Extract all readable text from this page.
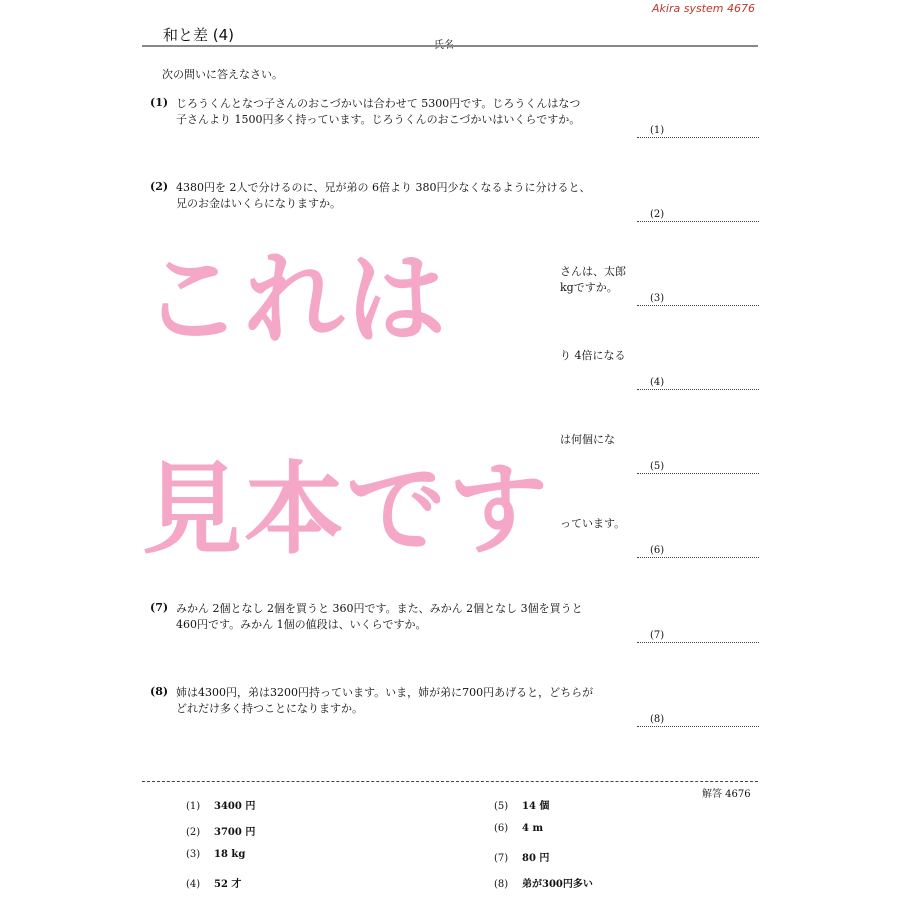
Akira system 4676
和と差 (4)
氏名
次の問いに答えなさい。
(1) じろうくんとなつ子さんのおこづかいは合わせて 5300円です。じろうくんはなつ
子さんより 1500円多く持っています。じろうくんのおこづかいはいくらですか。
(1)
(2) 4380円を 2人で分けるのに、兄が弟の 6倍より 380円少なくなるように分けると、
兄のお金はいくらになりますか。
(2)
さんは、太郎
kgですか。
(3)
り 4倍になる
(4)
は何個にな
(5)
っています。
(6)
(7) みかん 2個となし 2個を買うと 360円です。また、みかん 2個となし 3個を買うと
460円です。みかん 1個の値段は、いくらですか。
(7)
(8) 姉は4300円，弟は3200円持っています。いま，姉が弟に700円あげると，どちらが
どれだけ多く持つことになりますか。
(8)
解答 4676
(1) 3400 円
(2) 3700 円
(3) 18 kg
(4) 52 才
(5) 14 個
(6) 4 m
(7) 80 円
(8) 弟が300円多い
これは
見本です
